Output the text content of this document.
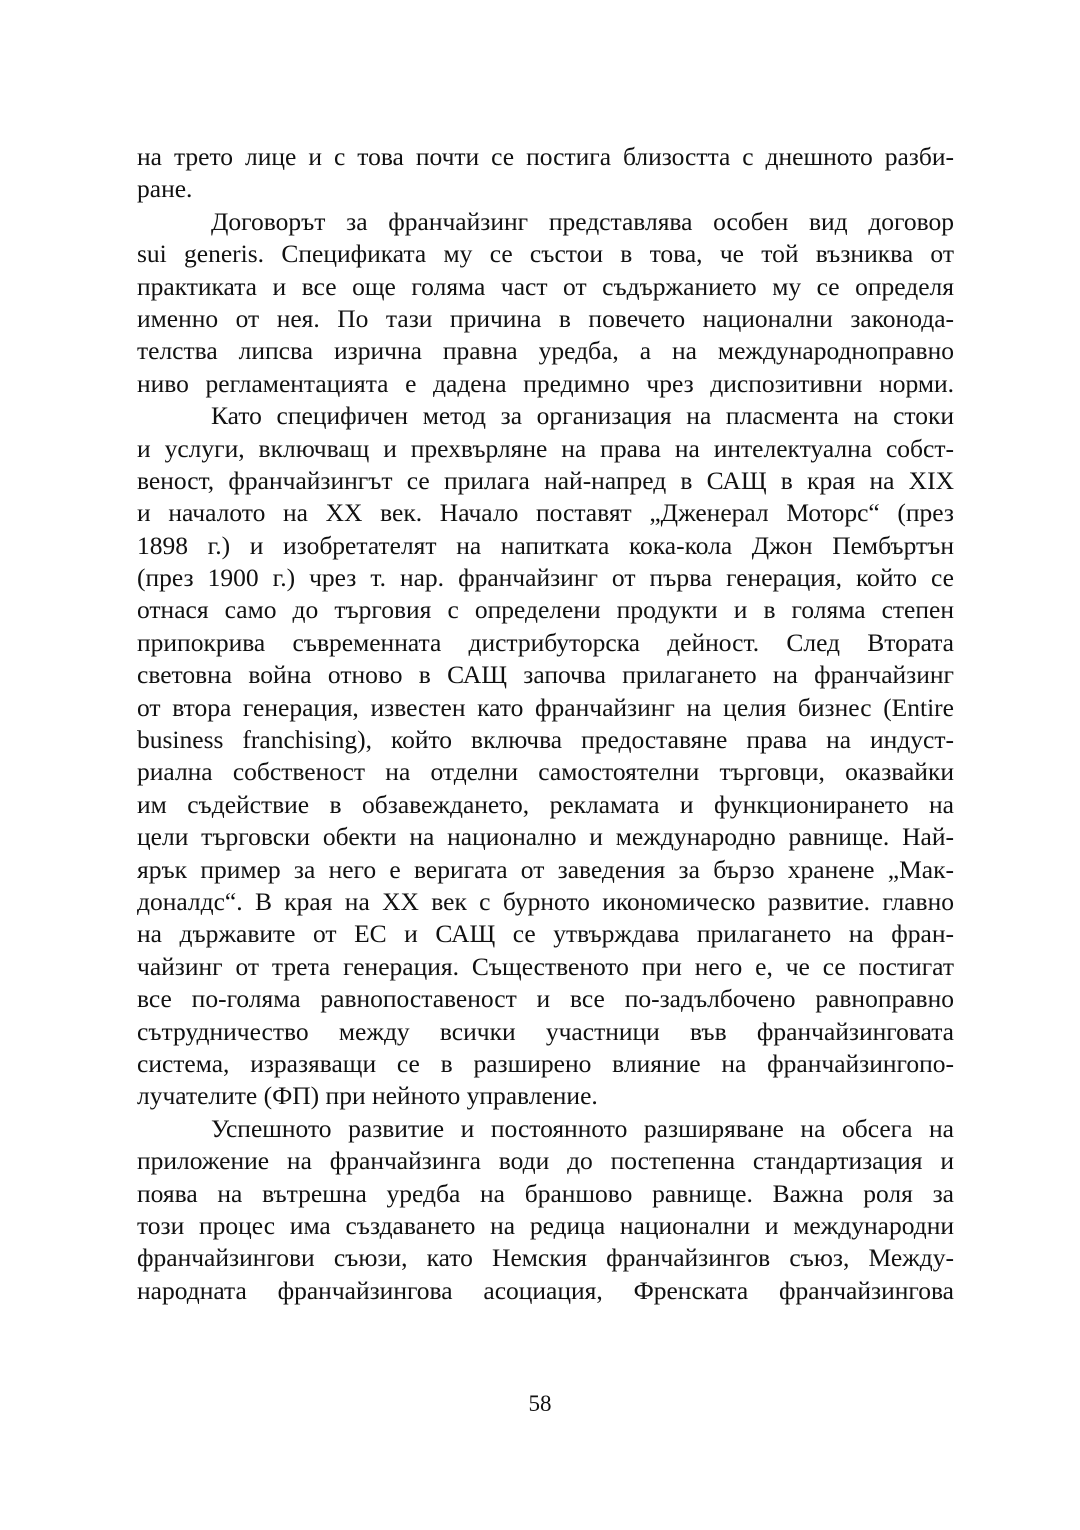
на трето лице и с това почти се постига близостта с днешното разби-
ране.
Договорът за франчайзинг представлява особен вид договор
sui generis. Спецификата му се състои в това, че той възниква от
практиката и все още голяма част от съдържанието му се определя
именно от нея. По тази причина в повечето национални законода-
телства липсва изрична правна уредба, а на международноправно
ниво регламентацията е дадена предимно чрез диспозитивни норми.
Като специфичен метод за организация на пласмента на стоки
и услуги, включващ и прехвърляне на права на интелектуална собст-
веност, франчайзингът се прилага най-напред в САЩ в края на XIX
и началото на XX век. Начало поставят „Дженерал Моторс“ (през
1898 г.) и изобретателят на напитката кока-кола Джон Пембъртън
(през 1900 г.) чрез т. нар. франчайзинг от първа генерация, който се
отнася само до търговия с определени продукти и в голяма степен
припокрива съвременната дистрибуторска дейност. След Втората
световна война отново в САЩ започва прилагането на франчайзинг
от втора генерация, известен като франчайзинг на целия бизнес (Entire
business franchising), който включва предоставяне права на индуст-
риална собственост на отделни самостоятелни търговци, оказвайки
им съдействие в обзавеждането, рекламата и функционирането на
цели търговски обекти на национално и международно равнище. Най-
ярък пример за него е веригата от заведения за бързо хранене „Мак-
доналдс“. В края на XX век с бурното икономическо развитие. главно
на държавите от ЕС и САЩ се утвърждава прилагането на фран-
чайзинг от трета генерация. Същественото при него е, че се постигат
все по-голяма равнопоставеност и все по-задълбочено равноправно
сътрудничество между всички участници във франчайзинговата
система, изразяващи се в разширено влияние на франчайзингопо-
лучателите (ФП) при нейното управление.
Успешното развитие и постоянното разширяване на обсега на
приложение на франчайзинга води до постепенна стандартизация и
поява на вътрешна уредба на браншово равнище. Важна роля за
този процес има създаването на редица национални и международни
франчайзингови съюзи, като Немския франчайзингов съюз, Между-
народната франчайзингова асоциация, Френската франчайзингова
58
